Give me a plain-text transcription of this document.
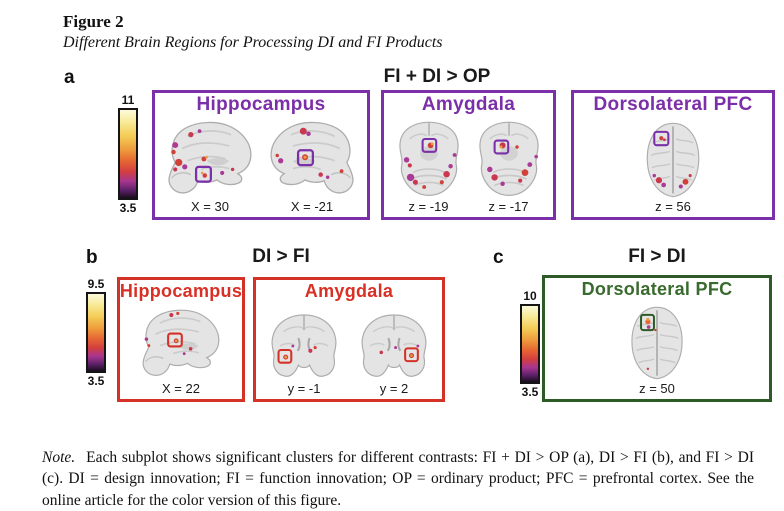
Figure 2
Different Brain Regions for Processing DI and FI Products
a	FI + DI > OP
11
3.5
Hippocampus
X = 30	X = -21
Amygdala
z = -19	z = -17
Dorsolateral PFC
z = 56
b	DI > FI
9.5
3.5
Hippocampus
X = 22
Amygdala
y = -1	y = 2
c	FI > DI
10
3.5
Dorsolateral PFC
z = 50

Note. Each subplot shows significant clusters for different contrasts: FI + DI > OP (a), DI > FI (b), and FI > DI (c). DI = design innovation; FI = function innovation; OP = ordinary product; PFC = prefrontal cortex. See the online article for the color version of this figure.
